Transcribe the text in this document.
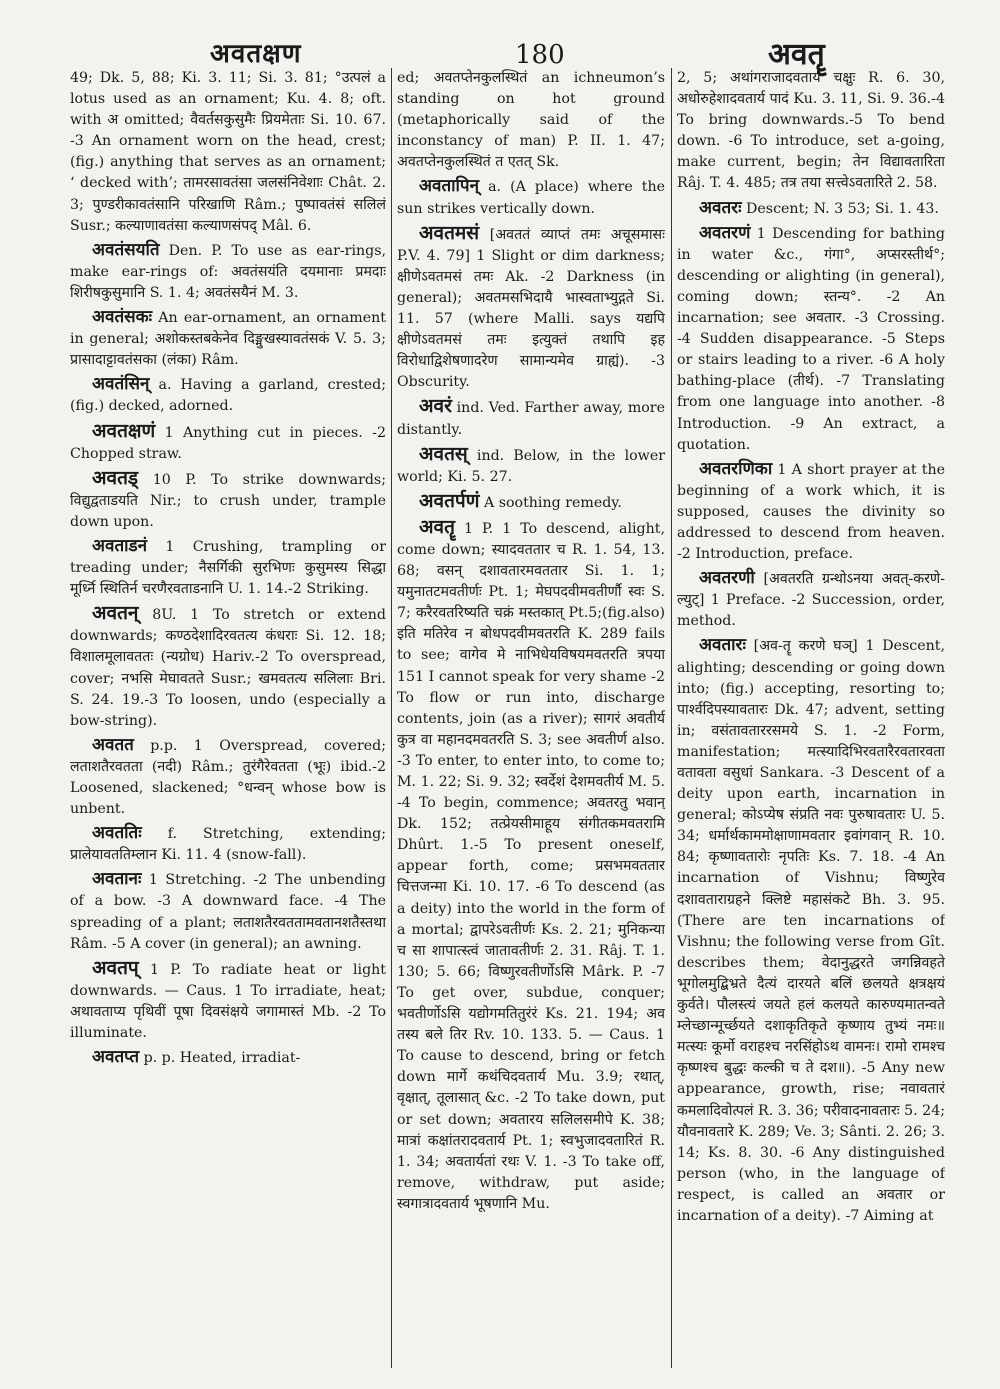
अवतक्षण	180	अवतॄ

49; Dk. 5, 88; Ki. 3. 11; Si. 3. 81; °उत्पलं a lotus used as an ornament; Ku. 4. 8; oft. with अ omitted; वैवर्तसकुसुमैः प्रियमेताः Si. 10. 67. -3 An ornament worn on the head, crest; (fig.) anything that serves as an ornament; ‘ decked with’; तामरसावतंसा जलसंनिवेशाः Chât. 2. 3; पुण्डरीकावतंसानि परिखाणि Râm.; पुष्पावतंसं सलिलं Susr.; कल्याणावतंसा कल्याणसंपद् Mâl. 6.

अवतंसयति Den. P. To use as ear-rings, make ear-rings of: अवतंसयंति दयमानाः प्रमदाः शिरीषकुसुमानि S. 1. 4; अवतंसयैनं M. 3.

अवतंसकः An ear-ornament, an ornament in general; अशोकस्तबकेनेव दिङ्मुखस्यावतंसकं V. 5. 3; प्रासादाट्टावतंसका (लंका) Râm.

अवतंसिन् a. Having a garland, crested; (fig.) decked, adorned.

अवतक्षणं 1 Anything cut in pieces. -2 Chopped straw.

अवतड् 10 P. To strike downwards; विद्युद्वताडयति Nir.; to crush under, trample down upon.

अवताडनं 1 Crushing, trampling or treading under; नैसर्गिकी सुरभिणः कुसुमस्य सिद्धा मूर्ध्नि स्थितिर्न चरणैरवताडनानि U. 1. 14.-2 Striking.

अवतन् 8U. 1 To stretch or extend downwards; कण्ठदेशादिरवतत्य कंधराः Si. 12. 18; विशालमूलावततः (न्यग्रोध) Hariv.-2 To overspread, cover; नभसि मेघावतते Susr.; खमवतत्य सलिलाः Bri. S. 24. 19.-3 To loosen, undo (especially a bow-string).

अवतत p.p. 1 Overspread, covered; लताशतैरवतता (नदी) Râm.; तुरंगैरेवतता (भूः) ibid.-2 Loosened, slackened; °धन्वन् whose bow is unbent.

अवततिः f. Stretching, extending; प्रालेयावततिम्लान Ki. 11. 4 (snow-fall).

अवतानः 1 Stretching. -2 The unbending of a bow. -3 A downward face. -4 The spreading of a plant; लताशतैरवततामवतानशतैस्तथा Râm. -5 A cover (in general); an awning.

अवतप् 1 P. To radiate heat or light downwards. — Caus. 1 To irradiate, heat; अथावताप्य पृथिवीं पूषा दिवसंक्षये जगामास्तं Mb. -2 To illuminate.

अवतप्त p. p. Heated, irradiat-

ed; अवतप्तेनकुलस्थितं an ichneumon’s standing on hot ground (metaphorically said of the inconstancy of man) P. II. 1. 47; अवतप्तेनकुलस्थितं त एतत् Sk.

अवतापिन् a. (A place) where the sun strikes vertically down.

अवतमसं [अवततं व्याप्तं तमः अचूसमासः P.V. 4. 79] 1 Slight or dim darkness; क्षीणेऽवतमसं तमः Ak. -2 Darkness (in general); अवतमसभिदायै भास्वताभ्युद्गते Si. 11. 57 (where Malli. says यद्यपि क्षीणेऽवतमसं तमः इत्युक्तं तथापि इह विरोधाद्विशेषणादरेण सामान्यमेव ग्राह्यं). -3 Obscurity.

अवरं ind. Ved. Farther away, more distantly.

अवतस् ind. Below, in the lower world; Ki. 5. 27.

अवतर्पणं A soothing remedy.

अवतॄ 1 P. 1 To descend, alight, come down; स्यादवततार च R. 1. 54, 13. 68; वसन् दशावतारमवततार Si. 1. 1; यमुनातटमवतीर्णः Pt. 1; मेघपदवीमवतीर्णौ स्वः S. 7; करैरवतरिष्यति चक्रं मस्तकात् Pt.5;(fig.also) इति मतिरेव न बोधपदवीमवतरति K. 289 fails to see; वागेव मे नाभिधेयविषयमवतरति त्रपया 151 I cannot speak for very shame -2 To flow or run into, discharge contents, join (as a river); सागरं अवतीर्य कुत्र वा महानदमवतरति S. 3; see अवतीर्ण also. -3 To enter, to enter into, to come to; M. 1. 22; Si. 9. 32; स्वर्देशं देशमवतीर्य M. 5. -4 To begin, commence; अवतरतु भवान् Dk. 152; तत्प्रेयसीमाहूय संगीतकमवतरामि Dhûrt. 1.-5 To present oneself, appear forth, come; प्रसभमवततार चित्तजन्मा Ki. 10. 17. -6 To descend (as a deity) into the world in the form of a mortal; द्वापरेऽवतीर्णः Ks. 2. 21; मुनिकन्या च सा शापात्स्त्वं जातावतीर्णः 2. 31. Râj. T. 1. 130; 5. 66; विष्णुरवतीर्णोऽसि Mârk. P. -7 To get over, subdue, conquer; भवतीर्णोऽसि यद्योगमतितुरंरं Ks. 21. 194; अव तस्य बले तिर Rv. 10. 133. 5. — Caus. 1 To cause to descend, bring or fetch down मार्गे कथंचिदवतार्य Mu. 3.9; रथात्, वृक्षात्, तूलासात् &c. -2 To take down, put or set down; अवतारय सलिलसमीपे K. 38; मात्रां कक्षांतरादवतार्य Pt. 1; स्वभुजादवतारितं R. 1. 34; अवतार्यतां रथः V. 1. -3 To take off, remove, withdraw, put aside; स्वगात्रादवतार्य भूषणानि Mu.

2, 5; अथांगराजादवतार्य चक्षुः R. 6. 30, अधोरुहेशादवतार्य पादं Ku. 3. 11, Si. 9. 36.-4 To bring downwards.-5 To bend down. -6 To introduce, set a-going, make current, begin; तेन विद्यावतारिता Râj. T. 4. 485; तत्र तया सत्त्वेऽवतारिते 2. 58.

अवतरः Descent; N. 3 53; Si. 1. 43.

अवतरणं 1 Descending for bathing in water &c., गंगा°, अप्सरस्तीर्थ°; descending or alighting (in general), coming down; स्तन्य°. -2 An incarnation; see अवतार. -3 Crossing. -4 Sudden disappearance. -5 Steps or stairs leading to a river. -6 A holy bathing-place (तीर्थ). -7 Translating from one language into another. -8 Introduction. -9 An extract, a quotation.

अवतरणिका 1 A short prayer at the beginning of a work which, it is supposed, causes the divinity so addressed to descend from heaven. -2 Introduction, preface.

अवतरणी [अवतरति ग्रन्थोऽनया अवत्-करणे-ल्युट्] 1 Preface. -2 Succession, order, method.

अवतारः [अव-तॄ करणे घञ्] 1 Descent, alighting; descending or going down into; (fig.) accepting, resorting to; पार्श्वदिपस्यावतारः Dk. 47; advent, setting in; वसंतावताररसमये S. 1. -2 Form, manifestation; मत्स्यादिभिरवतारैरवतारवता वतावता वसुधां Sankara. -3 Descent of a deity upon earth, incarnation in general; कोऽप्येष संप्रति नवः पुरुषावतारः U. 5. 34; धर्मार्थकाममोक्षाणामवतार इवांगवान् R. 10. 84; कृष्णावतारोः नृपतिः Ks. 7. 18. -4 An incarnation of Vishnu; विष्णुरेव दशावताराग्रहने क्लिष्टे महासंकटे Bh. 3. 95. (There are ten incarnations of Vishnu; the following verse from Gît. describes them; वेदानुद्धरते जगन्निवहते भूगोलमुद्बिभ्रते दैत्यं दारयते बलिं छलयते क्षत्रक्षयं कुर्वते। पौलस्त्यं जयते हलं कलयते कारुण्यमातन्वते म्लेच्छान्मूर्च्छयते दशाकृतिकृते कृष्णाय तुभ्यं नमः॥ मत्स्यः कूर्मो वराहश्च नरसिंहोऽथ वामनः। रामो रामश्च कृष्णश्च बुद्धः कल्की च ते दश॥). -5 Any new appearance, growth, rise; नवावतारं कमलादिवोत्पलं R. 3. 36; परीवादनावतारः 5. 24; यौवनावतारे K. 289; Ve. 3; Sânti. 2. 26; 3. 14; Ks. 8. 30. -6 Any distinguished person (who, in the language of respect, is called an अवतार or incarnation of a deity). -7 Aiming at
